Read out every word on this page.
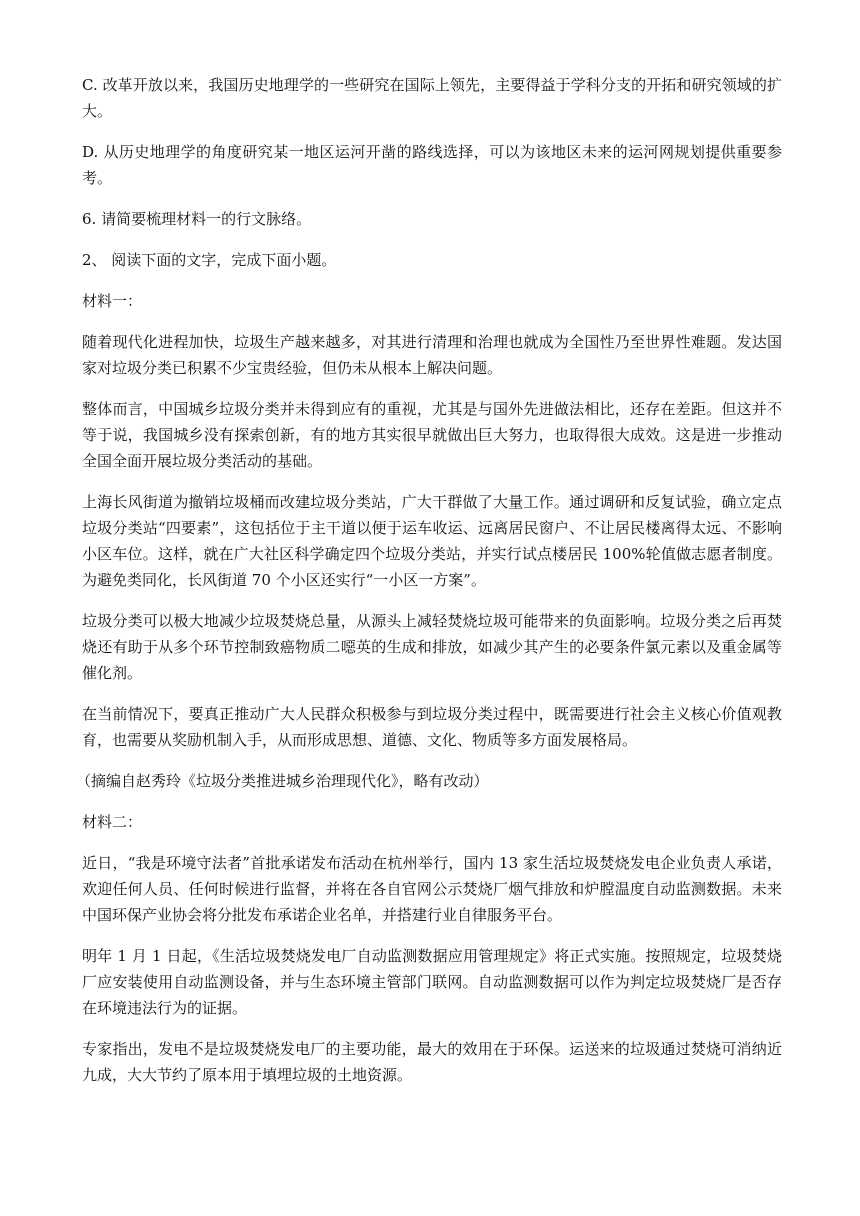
C. 改革开放以来，我国历史地理学的一些研究在国际上领先，主要得益于学科分支的开拓和研究领域的扩大。

D. 从历史地理学的角度研究某一地区运河开凿的路线选择，可以为该地区未来的运河网规划提供重要参考。

6. 请简要梳理材料一的行文脉络。

2、 阅读下面的文字，完成下面小题。

材料一：

随着现代化进程加快，垃圾生产越来越多，对其进行清理和治理也就成为全国性乃至世界性难题。发达国家对垃圾分类已积累不少宝贵经验，但仍未从根本上解决问题。

整体而言，中国城乡垃圾分类并未得到应有的重视，尤其是与国外先进做法相比，还存在差距。但这并不等于说，我国城乡没有探索创新，有的地方其实很早就做出巨大努力，也取得很大成效。这是进一步推动全国全面开展垃圾分类活动的基础。

上海长风街道为撤销垃圾桶而改建垃圾分类站，广大干群做了大量工作。通过调研和反复试验，确立定点垃圾分类站“四要素”，这包括位于主干道以便于运车收运、远离居民窗户、不让居民楼离得太远、不影响小区车位。这样，就在广大社区科学确定四个垃圾分类站，并实行试点楼居民 100%轮值做志愿者制度。为避免类同化，长风街道 70 个小区还实行“一小区一方案”。

垃圾分类可以极大地减少垃圾焚烧总量，从源头上减轻焚烧垃圾可能带来的负面影响。垃圾分类之后再焚烧还有助于从多个环节控制致癌物质二噁英的生成和排放，如减少其产生的必要条件氯元素以及重金属等催化剂。

在当前情况下，要真正推动广大人民群众积极参与到垃圾分类过程中，既需要进行社会主义核心价值观教育，也需要从奖励机制入手，从而形成思想、道德、文化、物质等多方面发展格局。

（摘编自赵秀玲《垃圾分类推进城乡治理现代化》，略有改动）

材料二：

近日，“我是环境守法者”首批承诺发布活动在杭州举行，国内 13 家生活垃圾焚烧发电企业负责人承诺，欢迎任何人员、任何时候进行监督，并将在各自官网公示焚烧厂烟气排放和炉膛温度自动监测数据。未来中国环保产业协会将分批发布承诺企业名单，并搭建行业自律服务平台。

明年 1 月 1 日起，《生活垃圾焚烧发电厂自动监测数据应用管理规定》将正式实施。按照规定，垃圾焚烧厂应安装使用自动监测设备，并与生态环境主管部门联网。自动监测数据可以作为判定垃圾焚烧厂是否存在环境违法行为的证据。

专家指出，发电不是垃圾焚烧发电厂的主要功能，最大的效用在于环保。运送来的垃圾通过焚烧可消纳近九成，大大节约了原本用于填埋垃圾的土地资源。
